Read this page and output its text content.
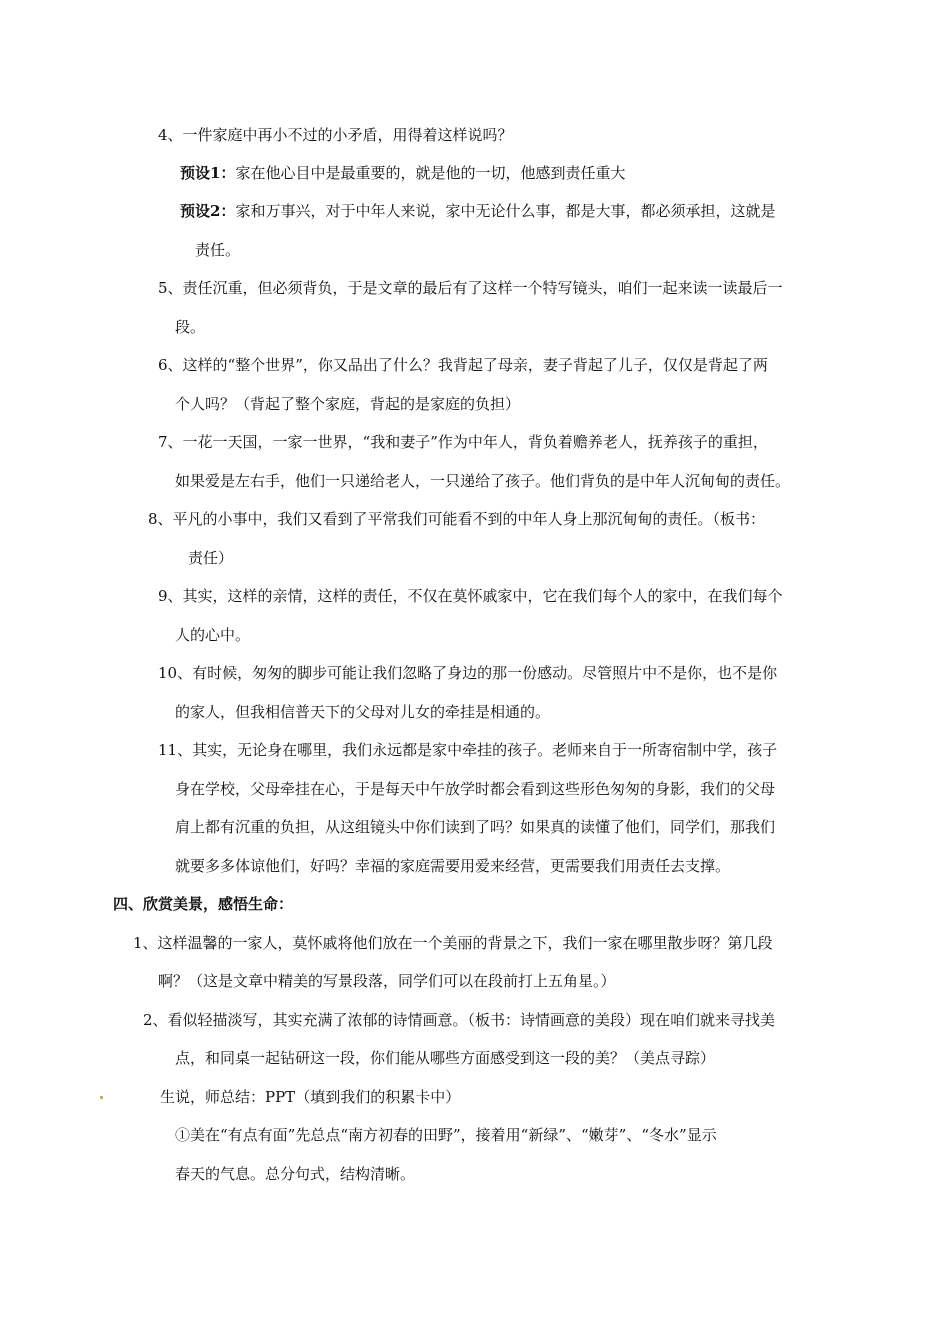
4、一件家庭中再小不过的小矛盾，用得着这样说吗？
预设1：家在他心目中是最重要的，就是他的一切，他感到责任重大
预设2：家和万事兴，对于中年人来说，家中无论什么事，都是大事，都必须承担，这就是
责任。
5、责任沉重，但必须背负，于是文章的最后有了这样一个特写镜头，咱们一起来读一读最后一
段。
6、这样的“整个世界”，你又品出了什么？我背起了母亲，妻子背起了儿子，仅仅是背起了两
个人吗？（背起了整个家庭，背起的是家庭的负担）
7、一花一天国，一家一世界，“我和妻子”作为中年人，背负着赡养老人，抚养孩子的重担，
如果爱是左右手，他们一只递给老人，一只递给了孩子。他们背负的是中年人沉甸甸的责任。
8、平凡的小事中，我们又看到了平常我们可能看不到的中年人身上那沉甸甸的责任。（板书：
责任）
9、其实，这样的亲情，这样的责任，不仅在莫怀戚家中，它在我们每个人的家中，在我们每个
人的心中。
10、有时候，匆匆的脚步可能让我们忽略了身边的那一份感动。尽管照片中不是你，也不是你
的家人，但我相信普天下的父母对儿女的牵挂是相通的。
11、其实，无论身在哪里，我们永远都是家中牵挂的孩子。老师来自于一所寄宿制中学，孩子
身在学校，父母牵挂在心，于是每天中午放学时都会看到这些形色匆匆的身影，我们的父母
肩上都有沉重的负担，从这组镜头中你们读到了吗？如果真的读懂了他们，同学们，那我们
就要多多体谅他们，好吗？幸福的家庭需要用爱来经营，更需要我们用责任去支撑。
四、欣赏美景，感悟生命：
1、这样温馨的一家人，莫怀戚将他们放在一个美丽的背景之下，我们一家在哪里散步呀？第几段
啊？（这是文章中精美的写景段落，同学们可以在段前打上五角星。）
2、看似轻描淡写，其实充满了浓郁的诗情画意。（板书：诗情画意的美段）现在咱们就来寻找美
点，和同桌一起钻研这一段，你们能从哪些方面感受到这一段的美？（美点寻踪）
生说，师总结：PPT（填到我们的积累卡中）
①美在“有点有面”先总点“南方初春的田野”，接着用“新绿”、“嫩芽”、“冬水”显示
春天的气息。总分句式，结构清晰。
